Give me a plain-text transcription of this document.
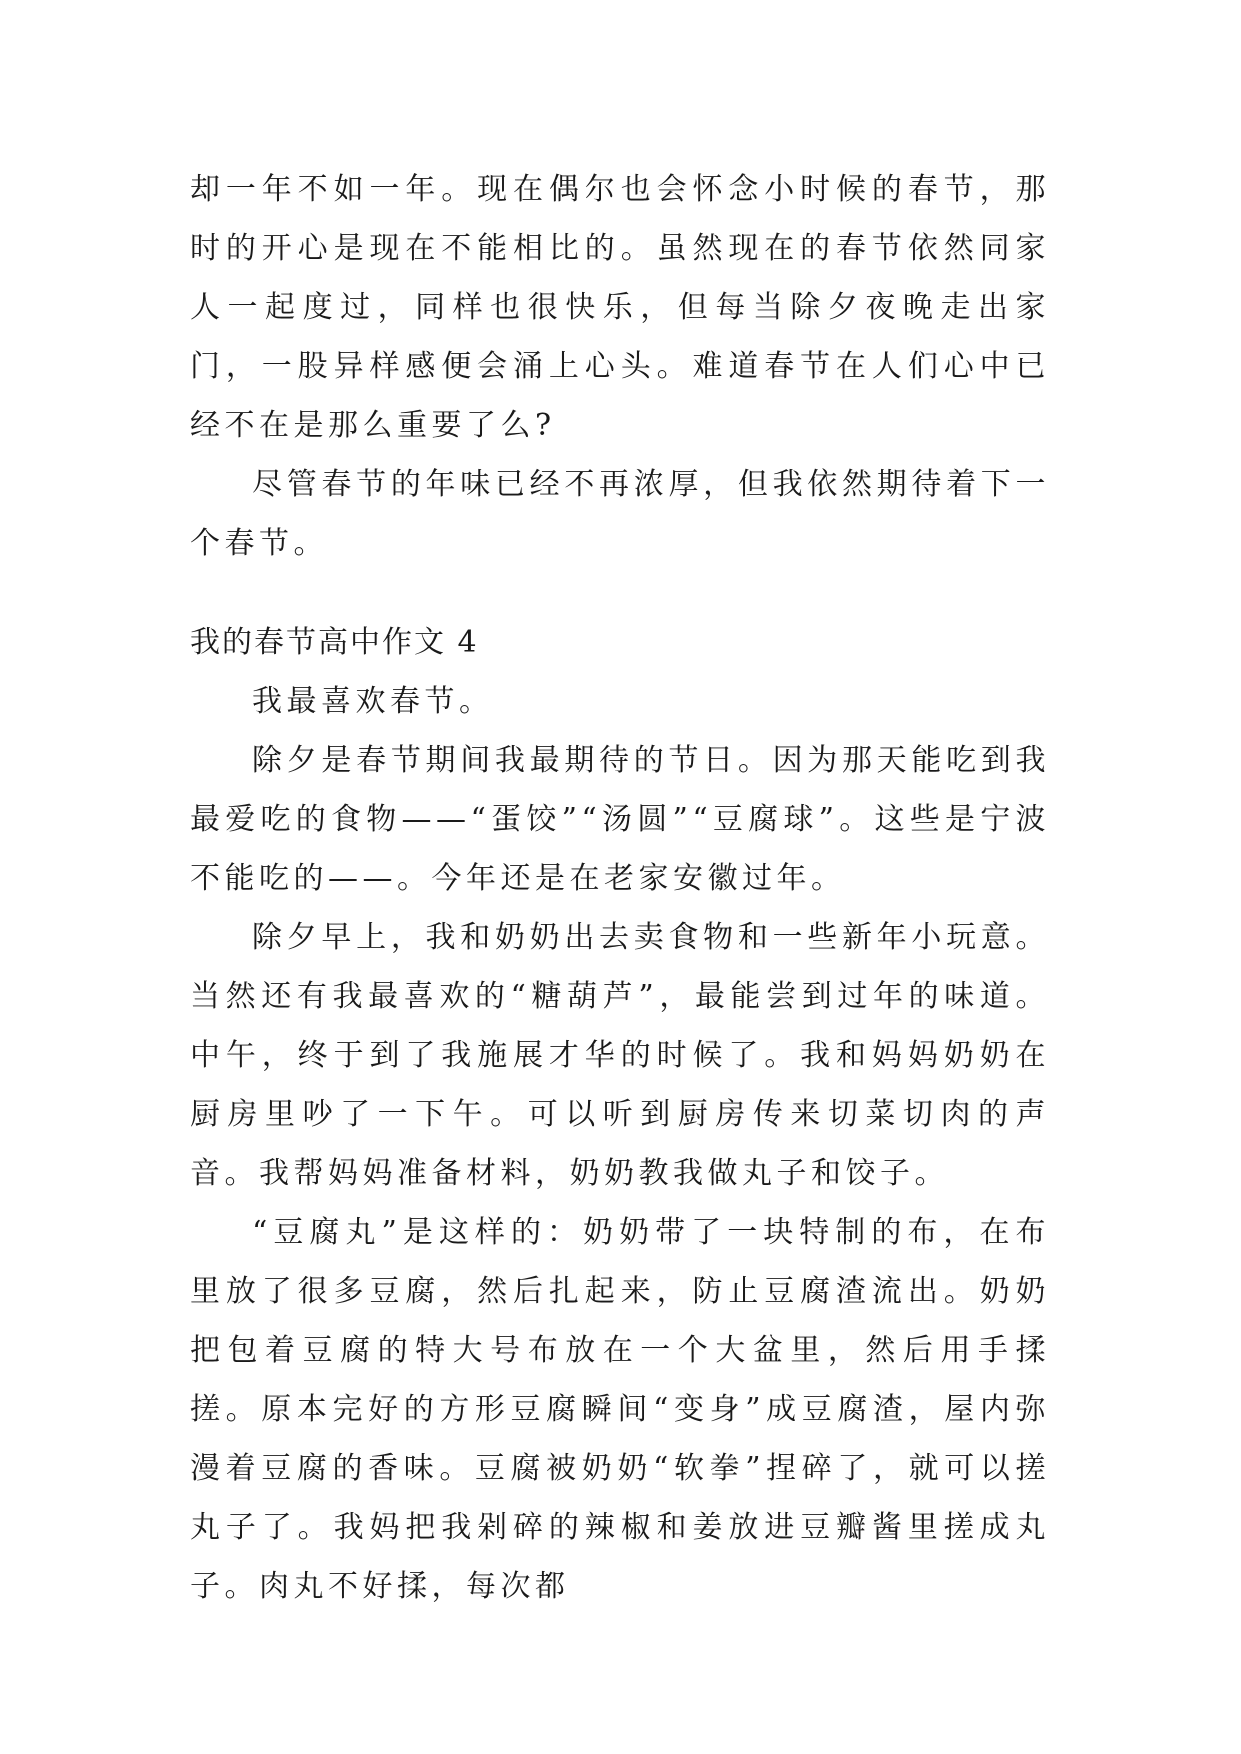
却一年不如一年。现在偶尔也会怀念小时候的春节，那时的开心是现在不能相比的。虽然现在的春节依然同家人一起度过，同样也很快乐，但每当除夕夜晚走出家门，一股异样感便会涌上心头。难道春节在人们心中已经不在是那么重要了么?

尽管春节的年味已经不再浓厚，但我依然期待着下一个春节。

我的春节高中作文 4

我最喜欢春节。

除夕是春节期间我最期待的节日。因为那天能吃到我最爱吃的食物——“蛋饺”“汤圆”“豆腐球”。这些是宁波不能吃的——。今年还是在老家安徽过年。

除夕早上，我和奶奶出去卖食物和一些新年小玩意。当然还有我最喜欢的“糖葫芦”，最能尝到过年的味道。中午，终于到了我施展才华的时候了。我和妈妈奶奶在厨房里吵了一下午。可以听到厨房传来切菜切肉的声音。我帮妈妈准备材料，奶奶教我做丸子和饺子。

“豆腐丸”是这样的：奶奶带了一块特制的布，在布里放了很多豆腐，然后扎起来，防止豆腐渣流出。奶奶把包着豆腐的特大号布放在一个大盆里，然后用手揉搓。原本完好的方形豆腐瞬间“变身”成豆腐渣，屋内弥漫着豆腐的香味。豆腐被奶奶“软拳”捏碎了，就可以搓丸子了。我妈把我剁碎的辣椒和姜放进豆瓣酱里搓成丸子。肉丸不好揉，每次都
